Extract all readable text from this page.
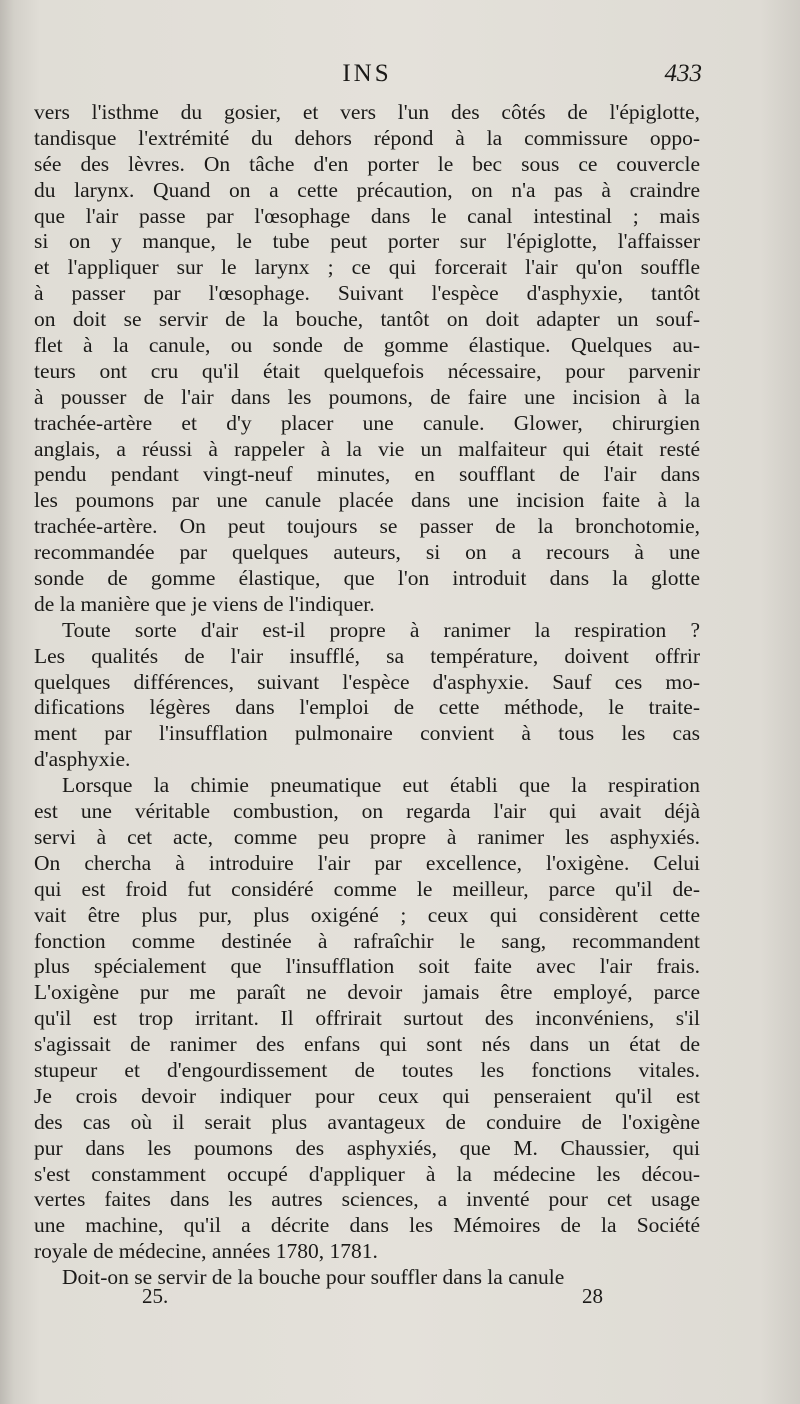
INS	433
vers l'isthme du gosier, et vers l'un des côtés de l'épiglotte,
tandisque l'extrémité du dehors répond à la commissure oppo-
sée des lèvres. On tâche d'en porter le bec sous ce couvercle
du larynx. Quand on a cette précaution, on n'a pas à craindre
que l'air passe par l'œsophage dans le canal intestinal ; mais
si on y manque, le tube peut porter sur l'épiglotte, l'affaisser
et l'appliquer sur le larynx ; ce qui forcerait l'air qu'on souffle
à passer par l'œsophage. Suivant l'espèce d'asphyxie, tantôt
on doit se servir de la bouche, tantôt on doit adapter un souf-
flet à la canule, ou sonde de gomme élastique. Quelques au-
teurs ont cru qu'il était quelquefois nécessaire, pour parvenir
à pousser de l'air dans les poumons, de faire une incision à la
trachée-artère et d'y placer une canule. Glower, chirurgien
anglais, a réussi à rappeler à la vie un malfaiteur qui était resté
pendu pendant vingt-neuf minutes, en soufflant de l'air dans
les poumons par une canule placée dans une incision faite à la
trachée-artère. On peut toujours se passer de la bronchotomie,
recommandée par quelques auteurs, si on a recours à une
sonde de gomme élastique, que l'on introduit dans la glotte
de la manière que je viens de l'indiquer.
Toute sorte d'air est-il propre à ranimer la respiration ?
Les qualités de l'air insufflé, sa température, doivent offrir
quelques différences, suivant l'espèce d'asphyxie. Sauf ces mo-
difications légères dans l'emploi de cette méthode, le traite-
ment par l'insufflation pulmonaire convient à tous les cas
d'asphyxie.
Lorsque la chimie pneumatique eut établi que la respiration
est une véritable combustion, on regarda l'air qui avait déjà
servi à cet acte, comme peu propre à ranimer les asphyxiés.
On chercha à introduire l'air par excellence, l'oxigène. Celui
qui est froid fut considéré comme le meilleur, parce qu'il de-
vait être plus pur, plus oxigéné ; ceux qui considèrent cette
fonction comme destinée à rafraîchir le sang, recommandent
plus spécialement que l'insufflation soit faite avec l'air frais.
L'oxigène pur me paraît ne devoir jamais être employé, parce
qu'il est trop irritant. Il offrirait surtout des inconvéniens, s'il
s'agissait de ranimer des enfans qui sont nés dans un état de
stupeur et d'engourdissement de toutes les fonctions vitales.
Je crois devoir indiquer pour ceux qui penseraient qu'il est
des cas où il serait plus avantageux de conduire de l'oxigène
pur dans les poumons des asphyxiés, que M. Chaussier, qui
s'est constamment occupé d'appliquer à la médecine les décou-
vertes faites dans les autres sciences, a inventé pour cet usage
une machine, qu'il a décrite dans les Mémoires de la Société
royale de médecine, années 1780, 1781.
Doit-on se servir de la bouche pour souffler dans la canule
25.	28
